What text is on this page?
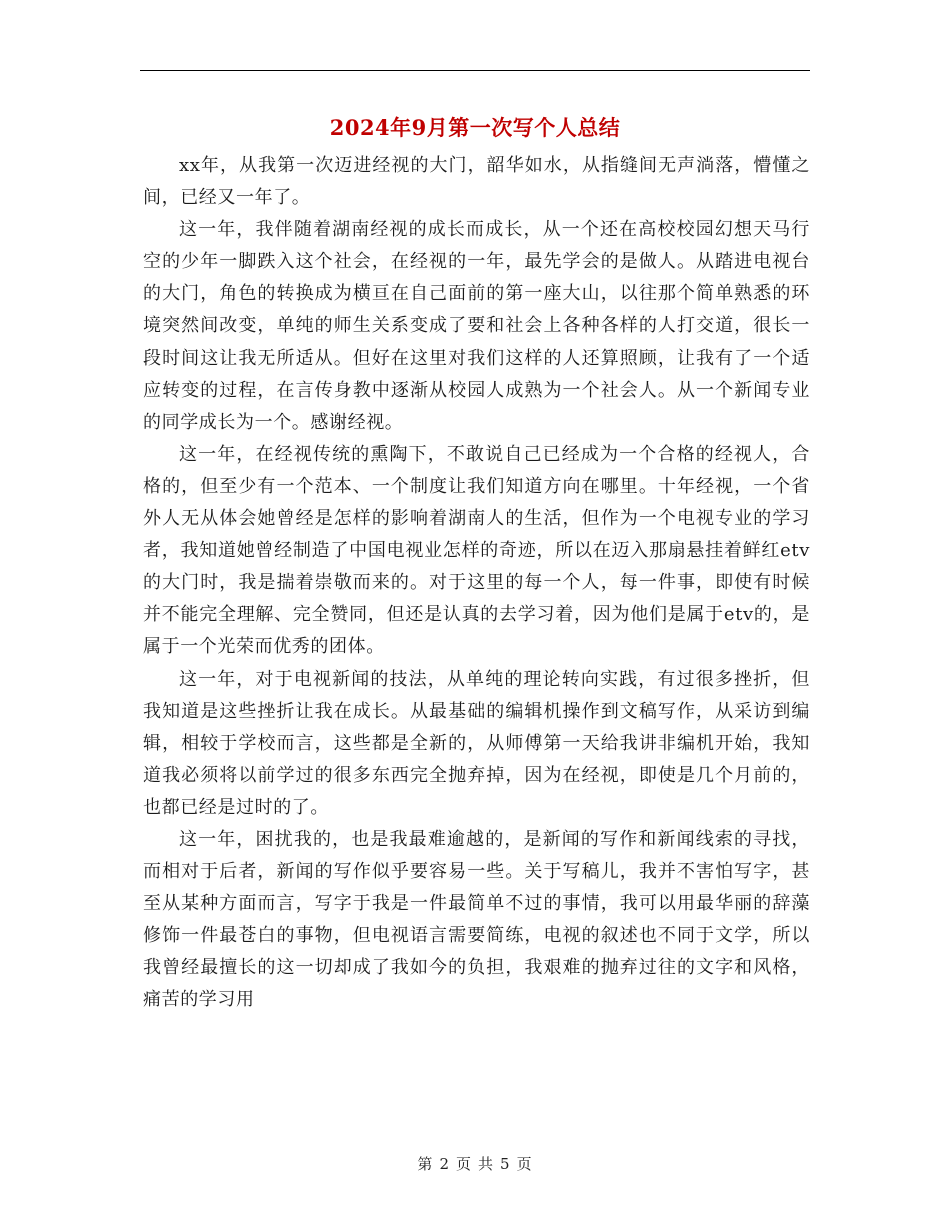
2024年9月第一次写个人总结

xx年，从我第一次迈进经视的大门，韶华如水，从指缝间无声淌落，懵懂之间，已经又一年了。

这一年，我伴随着湖南经视的成长而成长，从一个还在高校校园幻想天马行空的少年一脚跌入这个社会，在经视的一年，最先学会的是做人。从踏进电视台的大门，角色的转换成为横亘在自己面前的第一座大山，以往那个简单熟悉的环境突然间改变，单纯的师生关系变成了要和社会上各种各样的人打交道，很长一段时间这让我无所适从。但好在这里对我们这样的人还算照顾，让我有了一个适应转变的过程，在言传身教中逐渐从校园人成熟为一个社会人。从一个新闻专业的同学成长为一个。感谢经视。

这一年，在经视传统的熏陶下，不敢说自己已经成为一个合格的经视人，合格的，但至少有一个范本、一个制度让我们知道方向在哪里。十年经视，一个省外人无从体会她曾经是怎样的影响着湖南人的生活，但作为一个电视专业的学习者，我知道她曾经制造了中国电视业怎样的奇迹，所以在迈入那扇悬挂着鲜红etv的大门时，我是揣着崇敬而来的。对于这里的每一个人，每一件事，即使有时候并不能完全理解、完全赞同，但还是认真的去学习着，因为他们是属于etv的，是属于一个光荣而优秀的团体。

这一年，对于电视新闻的技法，从单纯的理论转向实践，有过很多挫折，但我知道是这些挫折让我在成长。从最基础的编辑机操作到文稿写作，从采访到编辑，相较于学校而言，这些都是全新的，从师傅第一天给我讲非编机开始，我知道我必须将以前学过的很多东西完全抛弃掉，因为在经视，即使是几个月前的，也都已经是过时的了。

这一年，困扰我的，也是我最难逾越的，是新闻的写作和新闻线索的寻找，而相对于后者，新闻的写作似乎要容易一些。关于写稿儿，我并不害怕写字，甚至从某种方面而言，写字于我是一件最简单不过的事情，我可以用最华丽的辞藻修饰一件最苍白的事物，但电视语言需要简练，电视的叙述也不同于文学，所以我曾经最擅长的这一切却成了我如今的负担，我艰难的抛弃过往的文字和风格，痛苦的学习用

第 2 页 共 5 页
